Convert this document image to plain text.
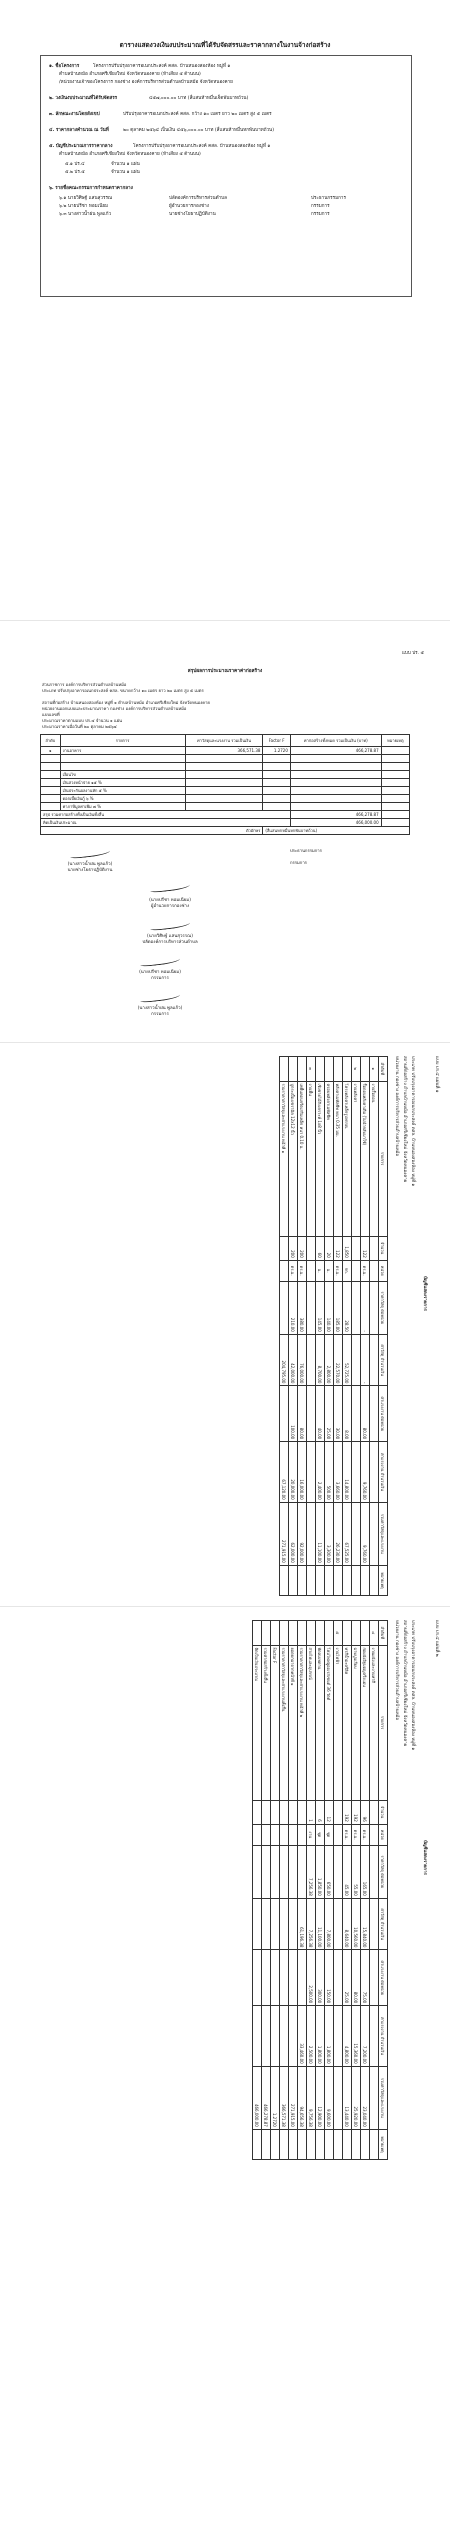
ตารางแสดงวงเงินงบประมาณที่ได้รับจัดสรรและราคากลางในงานจ้างก่อสร้าง
๑. ชื่อโครงการ	โครงการปรับปรุงอาคารอเนกประสงค์ คสล. บ้านหนองสองห้อง หมู่ที่ ๑
ตำบลบ้านหม้อ อำเภอศรีเชียงใหม่ จังหวัดหนองคาย (ห้าเสียง ๕ ด้านบน)
/หน่วยงานเจ้าของโครงการ กองช่าง องค์การบริหารส่วนตำบลบ้านหม้อ จังหวัดหนองคาย
๒. วงเงินงบประมาณที่ได้รับจัดสรร	๔๕๗,๐๐๐.๐๐ บาท (สี่แสนห้าหมื่นเจ็ดพันบาทถ้วน)
๓. ลักษณะงานโดยสังเขป	ปรับปรุงอาคารอเนกประสงค์ คสล. กว้าง ๑๐ เมตร ยาว ๒๐ เมตร สูง ๕ เมตร
๔. ราคากลางคำนวณ ณ วันที่	๒๐ ตุลาคม ๒๕๖๔ เป็นเงิน ๔๕๖,๐๐๐.๐๐ บาท (สี่แสนห้าหมื่นหกพันบาทถ้วน)
๕. บัญชีประมาณการราคากลาง	โครงการปรับปรุงอาคารอเนกประสงค์ คสล. บ้านหนองสองห้อง หมู่ที่ ๑
ตำบลบ้านหม้อ อำเภอศรีเชียงใหม่ จังหวัดหนองคาย (ห้าเสียง ๕ ด้านบน)
๕.๑ ปร.๔	จำนวน ๑ แผ่น
๕.๒ ปร.๕	จำนวน ๑ แผ่น
๖. รายชื่อคณะกรรมการกำหนดราคากลาง
๖.๑ นายวิศิษฐ์ แสนสุวรรณ	ปลัดองค์การบริหารส่วนตำบล	ประธานกรรมการ
๖.๒ นายปรีชา หอมเนียม	ผู้อำนวยการกองช่าง	กรรมการ
๖.๓ นางสาวน้ำฝน พูลแก้ว	นายช่างโยธาปฏิบัติงาน	กรรมการ
แบบ ปร. ๕
สรุปผลการประมาณราคาค่าก่อสร้าง
ส่วนราชการ องค์การบริหารส่วนตำบลบ้านหม้อ
ประเภท ปรับปรุงอาคารอเนกประสงค์ คสล. ขนาดกว้าง ๑๐ เมตร ยาว ๒๐ เมตร สูง ๕ เมตร
สถานที่ก่อสร้าง บ้านหนองสองห้อง หมู่ที่ ๑ ตำบลบ้านหม้อ อำเภอศรีเชียงใหม่ จังหวัดหนองคาย
หน่วยงานออกแบบและประมาณราคา กองช่าง องค์การบริหารส่วนตำบลบ้านหม้อ
แบบเลขที่
ประมาณราคาตามแบบ ปร.๔ จำนวน ๑ แผ่น
ประมาณราคาเมื่อวันที่ ๒๐ ตุลาคม ๒๕๖๔
ลำดับ	รายการ	ค่าวัสดุและแรงงาน รวมเป็นเงิน	Factor F	ค่าก่อสร้างทั้งหมด รวมเป็นเงิน (บาท)	หมายเหตุ
๑	งานอาคาร	366,571.38	1.2720	466,278.87	

	เงื่อนไข				
	เงินล่วงหน้าจ่าย ๑๕ %				
	เงินประกันผลงานหัก ๕ %				
	ดอกเบี้ยเงินกู้ ๖ %				
	ค่าภาษีมูลค่าเพิ่ม ๗ %				
สรุป รวมค่าก่อสร้างทั้งเป็นเงินทั้งสิ้น				466,278.87	
คิดเป็นเงินประมาณ				466,000.00	
ตัวอักษร			(สี่แสนหกหมื่นหกพันบาทถ้วน)		
ประธานกรรมการ
กรรมการ
(นางสาวน้ำฝน พูลแก้ว)
นายช่างโยธาปฏิบัติงาน
(นายปรีชา หอมเนียม)
ผู้อำนวยการกองช่าง
(นายวิศิษฐ์ แสนสุวรรณ)
ปลัดองค์การบริหารส่วนตำบล
(นายปรีชา หอมเนียม)
กรรมการ
(นางสาวน้ำฝน พูลแก้ว)
กรรมการ
แบบ ปร.๔ แผ่นที่ ๑
บัญชีแสดงรายการ
ประเภท ปรับปรุงอาคารอเนกประสงค์ คสล. บ้านหนองสองห้อง หมู่ที่ ๑
สถานที่ก่อสร้าง ตำบลบ้านหม้อ อำเภอศรีเชียงใหม่ จังหวัดหนองคาย
หน่วยงาน กองช่าง องค์การบริหารส่วนตำบลบ้านหม้อ
ลำดับที่	รายการ	จำนวน	หน่วย	ราคาวัสดุ ต่อหน่วย	ค่าวัสดุ จำนวนเงิน	ค่าแรงงาน ต่อหน่วย	ค่าแรงงาน จำนวนเงิน	รวมค่าวัสดุและแรงงาน	หมายเหตุ
๑	งานรื้อถอน								
	รื้อถอนหลังคาเดิม (ไม่นำกลับมาใช้)	122	ตร.ม.	-	-	80.00	9,760.00	9,760.00	
๒	งานหลังคา								
	โครงหลังคาเหล็กรูปพรรณ	1,850	กก.	28.50	52,725.00	8.00	14,800.00	67,525.00	
	หลังคาเมทัลชีท หนา 0.35 มม.	122	ตร.ม.	185.00	22,570.00	30.00	3,660.00	26,230.00	
	ครอบหลังคาเมทัลชีท	20	ม.	140.00	2,800.00	25.00	500.00	3,300.00	
	เชิงชายไม้สังเคราะห์ 1x8 นิ้ว	60	ม.	145.00	8,700.00	40.00	2,400.00	11,100.00	
๓	งานพื้น								
	เทพื้นคอนกรีตเสริมเหล็ก หนา 0.10 ม.	200	ตร.ม.	380.00	76,000.00	80.00	16,000.00	92,000.00	
	ปูกระเบื้องเซรามิค 12x12 นิ้ว	200	ตร.ม.	210.00	42,000.00	100.00	20,000.00	62,000.00	
	รวมราคาค่าวัสดุและค่าแรงงาน หน้าที่ ๑				204,795.00		67,120.00	271,915.00	
แบบ ปร.๔ แผ่นที่ ๒
บัญชีแสดงรายการ
ประเภท ปรับปรุงอาคารอเนกประสงค์ คสล. บ้านหนองสองห้อง หมู่ที่ ๑
สถานที่ก่อสร้าง ตำบลบ้านหม้อ อำเภอศรีเชียงใหม่ จังหวัดหนองคาย
หน่วยงาน กองช่าง องค์การบริหารส่วนตำบลบ้านหม้อ
ลำดับที่	รายการ	จำนวน	หน่วย	ราคาวัสดุ ต่อหน่วย	ค่าวัสดุ จำนวนเงิน	ค่าแรงงาน ต่อหน่วย	ค่าแรงงาน จำนวนเงิน	รวมค่าวัสดุและแรงงาน	หมายเหตุ
๔	งานผนังและงานทาสี								
	ก่อผนังอิฐมอญครึ่งแผ่น	96	ตร.ม.	165.00	15,840.00	75.00	7,200.00	23,040.00	
	ฉาบปูนเรียบ	192	ตร.ม.	55.00	10,560.00	80.00	15,360.00	25,920.00	
	ทาสีน้ำอะครีลิค	192	ตร.ม.	45.00	8,640.00	25.00	4,800.00	13,440.00	
๕	งานไฟฟ้า								
	โคมไฟฟลูออเรสเซนต์ 36 วัตต์	12	ชุด	650.00	7,800.00	150.00	1,800.00	9,600.00	
	พัดลมเพดาน	6	ชุด	1,850.00	11,100.00	300.00	1,800.00	12,900.00	
	สายไฟและอุปกรณ์	1	งาน	7,256.38	7,256.38	2,500.00	2,500.00	9,756.38	
	รวมราคาค่าวัสดุและค่าแรงงาน หน้าที่ ๒				61,196.38		33,460.00	94,656.38	
	ยอดยกมาจากหน้าที่ ๑							271,915.00	
	รวมราคาค่าวัสดุและค่าแรงงานทั้งสิ้น							366,571.38	
	Factor F							1.2720	
	รวมค่าก่อสร้างทั้งสิ้น							466,278.87	
	คิดเป็นเงินประมาณ							466,000.00	
